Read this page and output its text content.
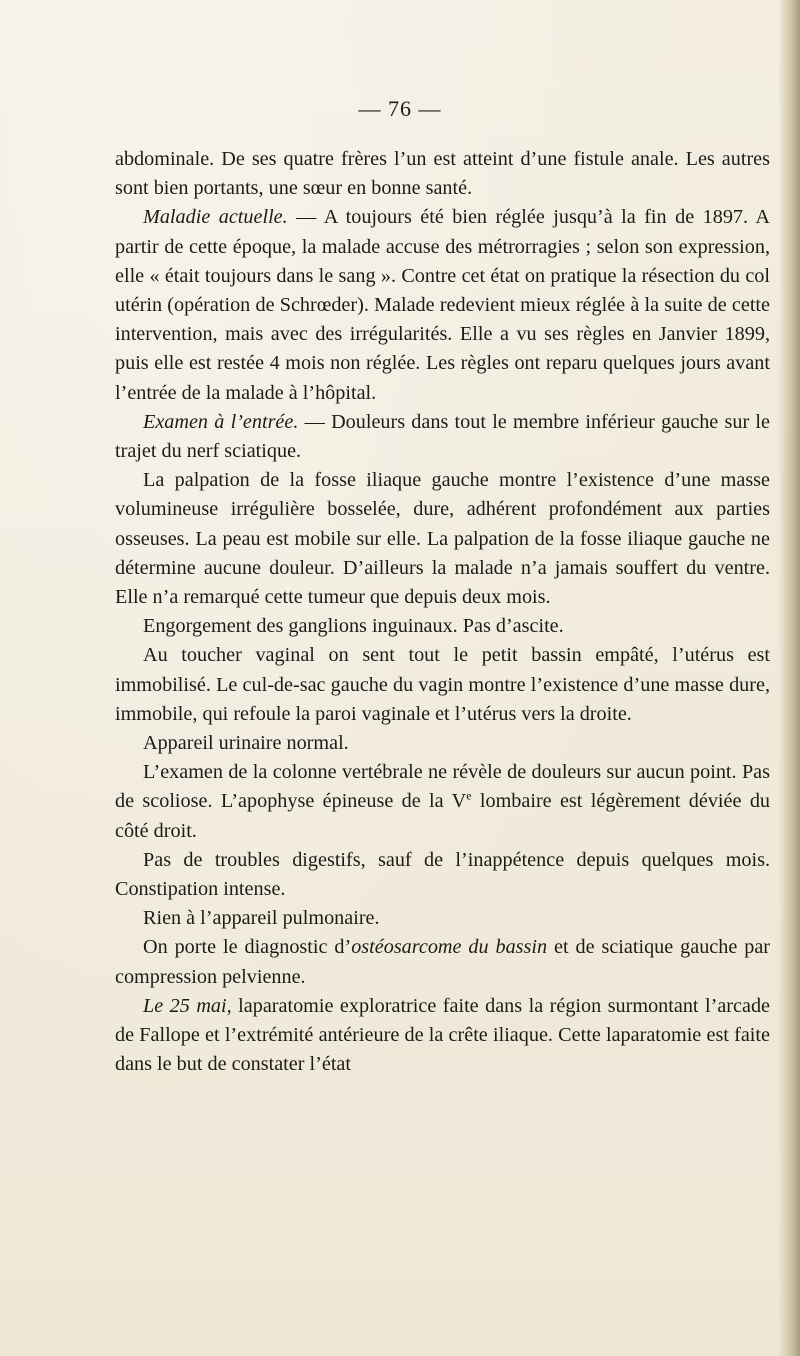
— 76 —

abdominale. De ses quatre frères l’un est atteint d’une fistule anale. Les autres sont bien portants, une sœur en bonne santé.

Maladie actuelle. — A toujours été bien réglée jusqu’à la fin de 1897. A partir de cette époque, la malade accuse des métrorragies ; selon son expression, elle « était toujours dans le sang ». Contre cet état on pratique la résection du col utérin (opération de Schrœder). Malade redevient mieux réglée à la suite de cette intervention, mais avec des irrégularités. Elle a vu ses règles en Janvier 1899, puis elle est restée 4 mois non réglée. Les règles ont reparu quelques jours avant l’entrée de la malade à l’hôpital.

Examen à l’entrée. — Douleurs dans tout le membre inférieur gauche sur le trajet du nerf sciatique.

La palpation de la fosse iliaque gauche montre l’existence d’une masse volumineuse irrégulière bosselée, dure, adhérent profondément aux parties osseuses. La peau est mobile sur elle. La palpation de la fosse iliaque gauche ne détermine aucune douleur. D’ailleurs la malade n’a jamais souffert du ventre. Elle n’a remarqué cette tumeur que depuis deux mois.

Engorgement des ganglions inguinaux. Pas d’ascite.

Au toucher vaginal on sent tout le petit bassin empâté, l’utérus est immobilisé. Le cul-de-sac gauche du vagin montre l’existence d’une masse dure, immobile, qui refoule la paroi vaginale et l’utérus vers la droite.

Appareil urinaire normal.

L’examen de la colonne vertébrale ne révèle de douleurs sur aucun point. Pas de scoliose. L’apophyse épineuse de la Ve lombaire est légèrement déviée du côté droit.

Pas de troubles digestifs, sauf de l’inappétence depuis quelques mois. Constipation intense.

Rien à l’appareil pulmonaire.

On porte le diagnostic d’ostéosarcome du bassin et de sciatique gauche par compression pelvienne.

Le 25 mai, laparatomie exploratrice faite dans la région surmontant l’arcade de Fallope et l’extrémité antérieure de la crête iliaque. Cette laparatomie est faite dans le but de constater l’état
